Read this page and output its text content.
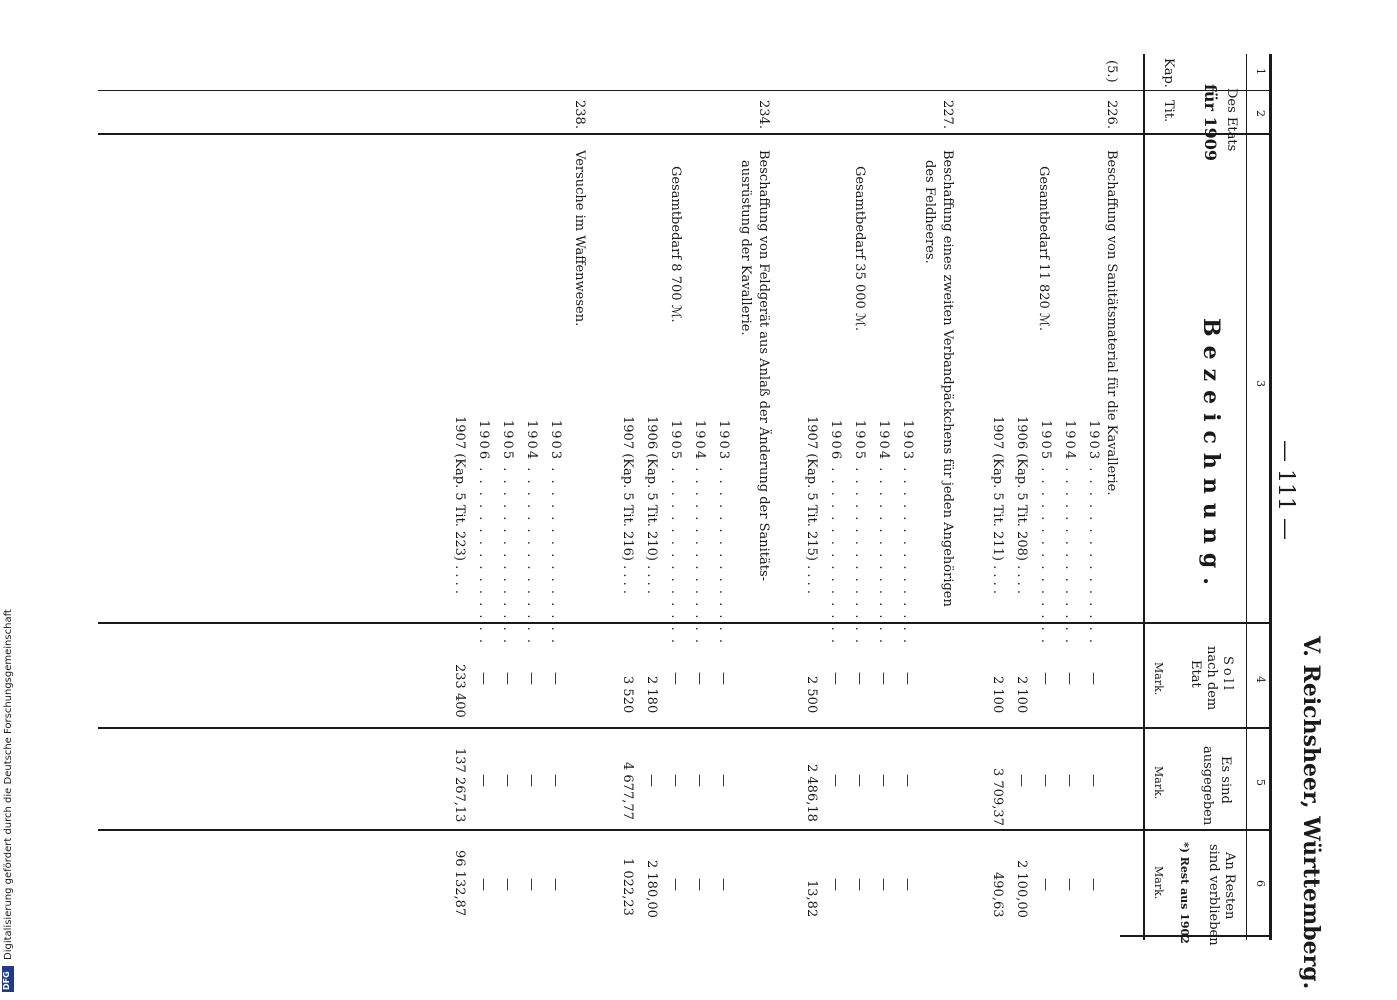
Digitalisierung gefördert durch die Deutsche Forschungsgemeinschaft
DFG	V. Reichsheer, Württemberg.
— 111 —
1
2
3
4
5
6
Des Etats
für 1909
Kap.
Tit.
Bezeichnung.
Soll
nach dem
Etat
Mark.
Es sind
ausgegeben
Mark.
An Resten
sind verblieben
*) Rest aus 1902
Mark.
(5.)
226.
Beschaffung von Sanitätsmaterial für die Kavallerie.
Gesamtbedarf 11 820 ℳ.
1903 . . . . . . . . . . . . . . .
1904 . . . . . . . . . . . . . . .
1905 . . . . . . . . . . . . . . .
1906 (Kap. 5 Tit. 208) . . . .
1907 (Kap. 5 Tit. 211) . . . .
—
—
—
2 100
2 100
—
—
—
—
3 709,37
—
—
—
2 100,00
490,63
227.
Beschaffung eines zweiten Verbandpäckchens für jeden Angehörigen
des Feldheeres.
Gesamtbedarf 35 000 ℳ.
1903 . . . . . . . . . . . . . . .
1904 . . . . . . . . . . . . . . .
1905 . . . . . . . . . . . . . . .
1906 . . . . . . . . . . . . . . .
1907 (Kap. 5 Tit. 215) . . . .
—
—
—
—
2 500
—
—
—
—
2 486,18
—
—
—
—
13,82
234.
Beschaffung von Feldgerät aus Anlaß der Änderung der Sanitäts-
ausrüstung der Kavallerie.
Gesamtbedarf 8 700 ℳ.
1903 . . . . . . . . . . . . . . .
1904 . . . . . . . . . . . . . . .
1905 . . . . . . . . . . . . . . .
1906 (Kap. 5 Tit. 210) . . . .
1907 (Kap. 5 Tit. 216) . . . .
—
—
—
2 180
3 520
—
—
—
—
4 677,77
—
—
—
2 180,00
1 022,23
238.
Versuche im Waffenwesen.
1903 . . . . . . . . . . . . . . .
1904 . . . . . . . . . . . . . . .
1905 . . . . . . . . . . . . . . .
1906 . . . . . . . . . . . . . . .
1907 (Kap. 5 Tit. 223) . . . .
—
—
—
—
233 400
—
—
—
—
137 267,13
—
—
—
—
96 132,87
